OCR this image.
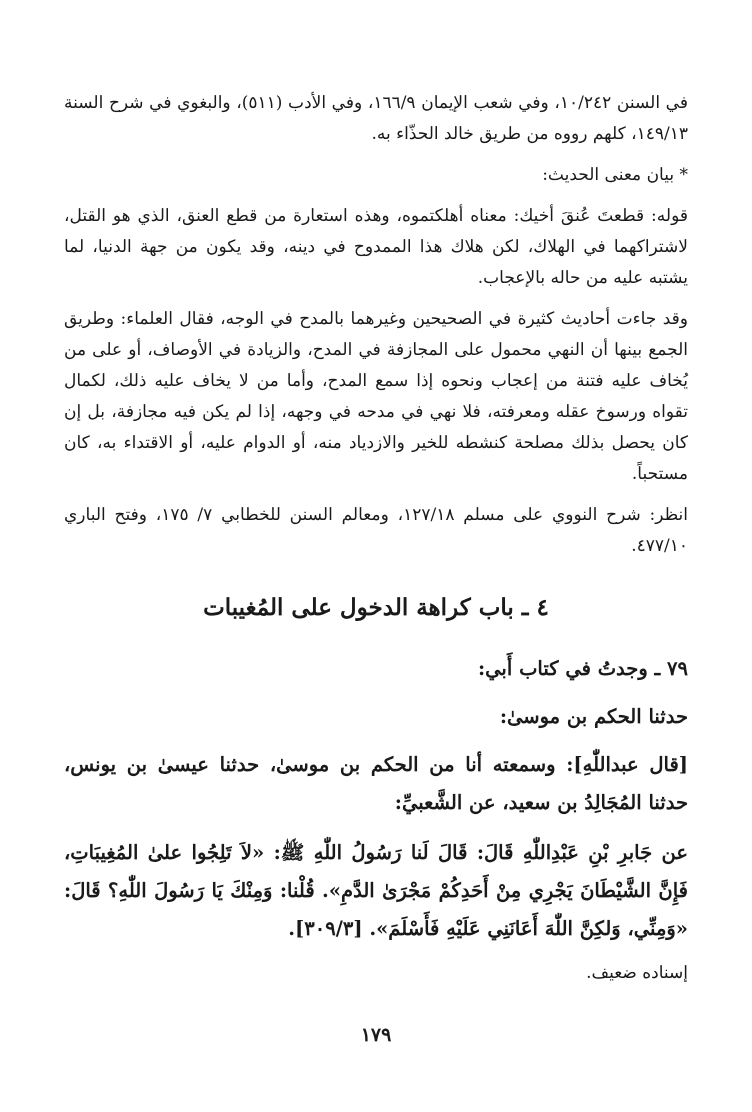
في السنن ١٠/٢٤٢، وفي شعب الإيمان ١٦٦/٩، وفي الأدب (٥١١)، والبغوي في شرح السنة ١٤٩/١٣، كلهم رووه من طريق خالد الحذّاء به.

* بيان معنى الحديث:

قوله: قطعتَ عُنقَ أخيك: معناه أهلكتموه، وهذه استعارة من قطع العنق، الذي هو القتل، لاشتراكهما في الهلاك، لكن هلاك هذا الممدوح في دينه، وقد يكون من جهة الدنيا، لما يشتبه عليه من حاله بالإعجاب.

وقد جاءت أحاديث كثيرة في الصحيحين وغيرهما بالمدح في الوجه، فقال العلماء: وطريق الجمع بينها أن النهي محمول على المجازفة في المدح، والزيادة في الأوصاف، أو على من يُخاف عليه فتنة من إعجاب ونحوه إذا سمع المدح، وأما من لا يخاف عليه ذلك، لكمال تقواه ورسوخ عقله ومعرفته، فلا نهي في مدحه في وجهه، إذا لم يكن فيه مجازفة، بل إن كان يحصل بذلك مصلحة كنشطه للخير والازدياد منه، أو الدوام عليه، أو الاقتداء به، كان مستحباً.

انظر: شرح النووي على مسلم ١٢٧/١٨، ومعالم السنن للخطابي ٧/ ١٧٥، وفتح الباري ٤٧٧/١٠.

٤ ـ باب كراهة الدخول على المُغيبات

٧٩ ـ وجدتُ في كتاب أَبي:

حدثنا الحكم بن موسىٰ:

[قال عبداللّٰهِ]: وسمعته أنا من الحكم بن موسىٰ، حدثنا عيسىٰ بن يونس، حدثنا المُجَالِدُ بن سعيد، عن الشَّعبيِّ:

عن جَابرِ بْنِ عَبْدِاللّٰهِ قَالَ: قَالَ لَنا رَسُولُ اللّٰهِ ﷺ: «لاَ تَلِجُوا علىٰ المُغِيبَاتِ، فَإِنَّ الشَّيْطَانَ يَجْرِي مِنْ أَحَدِكُمْ مَجْرَىٰ الدَّمِ». قُلْنا: وَمِنْكَ يَا رَسُولَ اللّٰهِ؟ قَالَ: «وَمِنِّي، وَلكِنَّ اللّٰهَ أَعَانَنِي عَلَيْهِ فَأَسْلَمَ». [٣٠٩/٣].

إسناده ضعيف.

١٧٩
